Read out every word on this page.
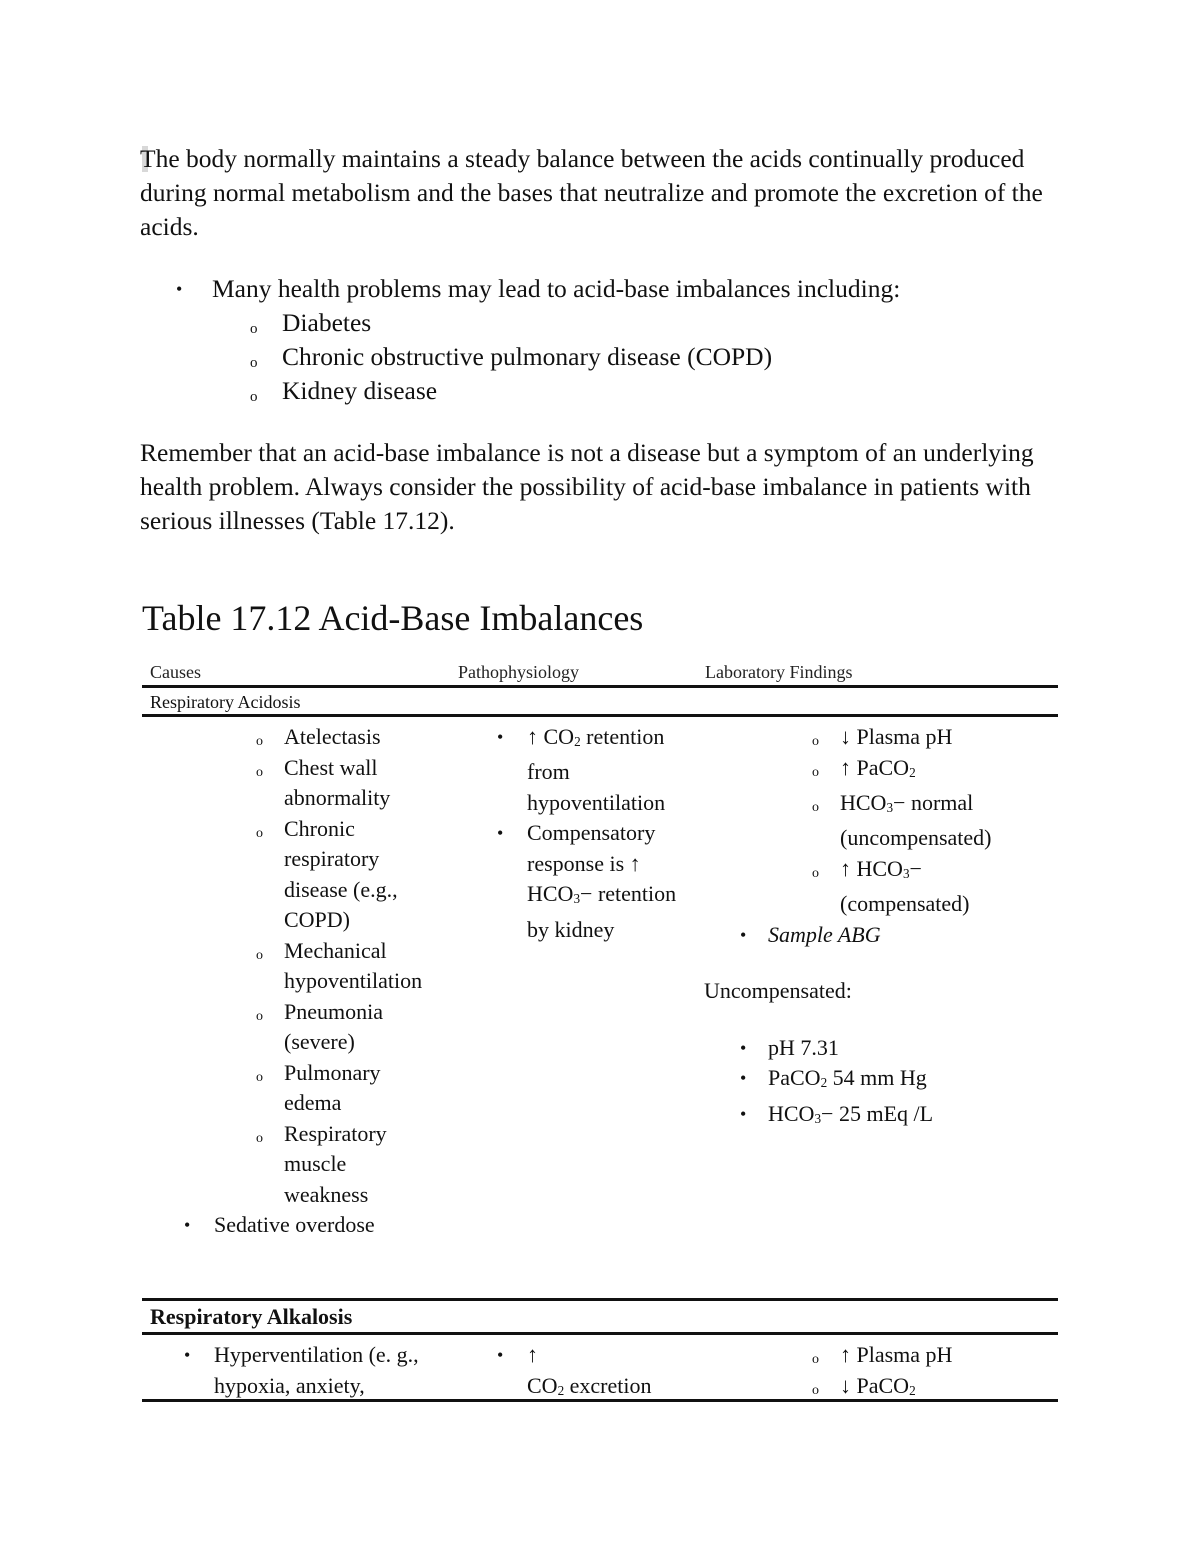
The body normally maintains a steady balance between the acids continually produced during normal metabolism and the bases that neutralize and promote the excretion of the acids.

• Many health problems may lead to acid-base imbalances including:
o Diabetes
o Chronic obstructive pulmonary disease (COPD)
o Kidney disease

Remember that an acid-base imbalance is not a disease but a symptom of an underlying health problem. Always consider the possibility of acid-base imbalance in patients with serious illnesses (Table 17.12).

Table 17.12 Acid-Base Imbalances
Causes	Pathophysiology	Laboratory Findings
Respiratory Acidosis
o Atelectasis
o Chest wall abnormality
o Chronic respiratory disease (e.g., COPD)
o Mechanical hypoventilation
o Pneumonia (severe)
o Pulmonary edema
o Respiratory muscle weakness
• Sedative overdose
• ↑ CO2 retention from hypoventilation
• Compensatory response is ↑ HCO3− retention by kidney
o ↓ Plasma pH
o ↑ PaCO2
o HCO3− normal (uncompensated)
o ↑ HCO3− (compensated)
• Sample ABG
Uncompensated:
• pH 7.31
• PaCO2 54 mm Hg
• HCO3− 25 mEq /L
Respiratory Alkalosis
• Hyperventilation (e. g., hypoxia, anxiety,
• ↑
CO2 excretion
o ↑ Plasma pH
o ↓ PaCO2
